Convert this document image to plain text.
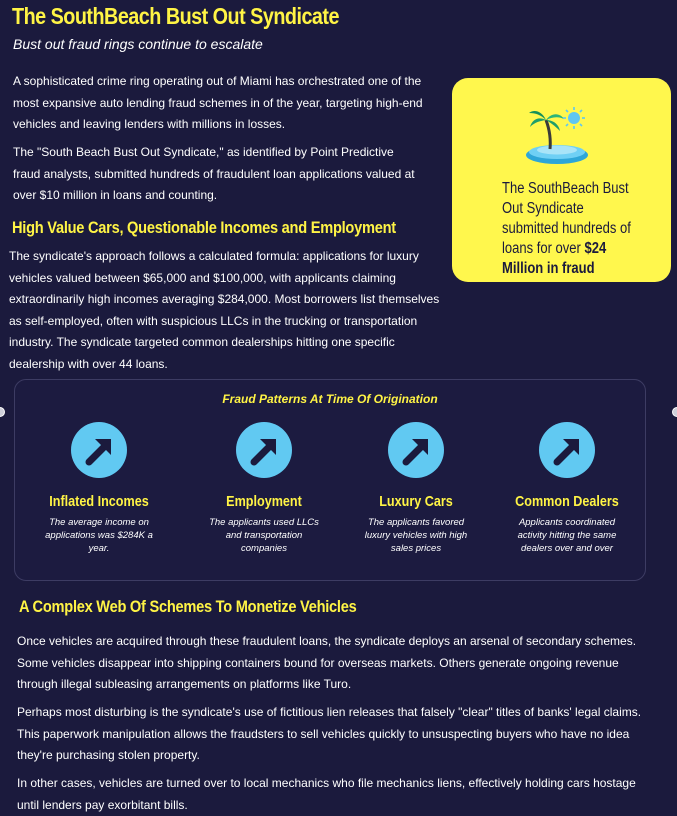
The SouthBeach Bust Out Syndicate

Bust out fraud rings continue to escalate

A sophisticated crime ring operating out of Miami has orchestrated one of the most expansive auto lending fraud schemes in of the year, targeting high-end vehicles and leaving lenders with millions in losses.

The "South Beach Bust Out Syndicate," as identified by Point Predictive fraud analysts, submitted hundreds of fraudulent loan applications valued at over $10 million in loans and counting.	The SouthBeach Bust Out Syndicate submitted hundreds of loans for over $24 Million in fraud
High Value Cars, Questionable Incomes and Employment

The syndicate's approach follows a calculated formula: applications for luxury vehicles valued between $65,000 and $100,000, with applicants claiming extraordinarily high incomes averaging $284,000. Most borrowers list themselves as self-employed, often with suspicious LLCs in the trucking or transportation industry. The syndicate targeted common dealerships hitting one specific dealership with over 44 loans.

Fraud Patterns At Time Of Origination
Inflated Incomes
The average income on applications was $284K a year.
Employment
The applicants used LLCs and transportation companies
Luxury Cars
The applicants favored luxury vehicles with high sales prices
Common Dealers
Applicants coordinated activity hitting the same dealers over and over
A Complex Web Of Schemes To Monetize Vehicles

Once vehicles are acquired through these fraudulent loans, the syndicate deploys an arsenal of secondary schemes. Some vehicles disappear into shipping containers bound for overseas markets. Others generate ongoing revenue through illegal subleasing arrangements on platforms like Turo.

Perhaps most disturbing is the syndicate's use of fictitious lien releases that falsely "clear" titles of banks' legal claims. This paperwork manipulation allows the fraudsters to sell vehicles quickly to unsuspecting buyers who have no idea they're purchasing stolen property.

In other cases, vehicles are turned over to local mechanics who file mechanics liens, effectively holding cars hostage until lenders pay exorbitant bills.
